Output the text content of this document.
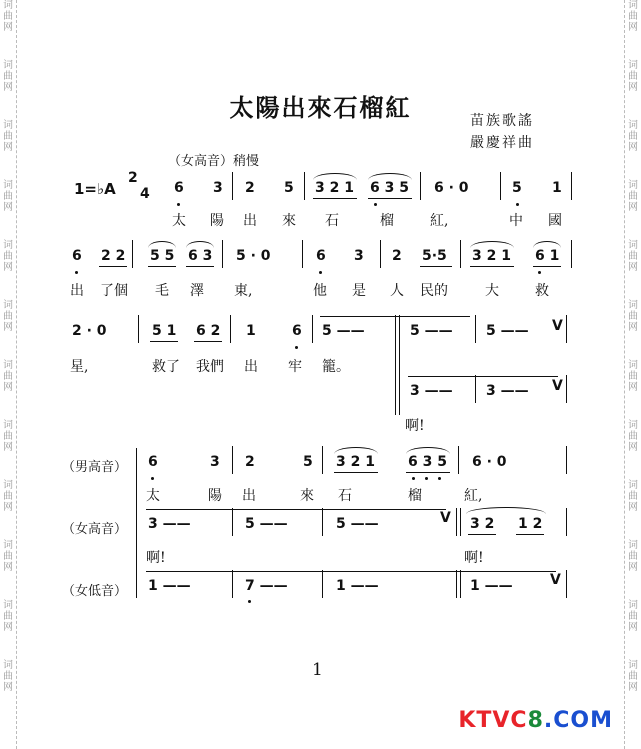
词
曲
网
词
曲
网
词
曲
网
词
曲
网
词
曲
网
词
曲
网
词
曲
网
词
曲
网
词
曲
网
词
曲
网
词
曲
网
词
曲
网
词
曲
网
词
曲
网
词
曲
网
词
曲
网
词
曲
网
词
曲
网
词
曲
网
词
曲
网
词
曲
网
词
曲
网
词
曲
网
词
曲
网
太陽出來石榴紅	苗族歌謠
嚴慶祥曲
（女高音）稍慢
1=♭A
2
4 6 3 2 5 3 2 1 6 3 5 6 · 0	5 1
太 陽 出 來 石	榴	紅,	中 國
6 2 2 5 5 6 3 5 · 0	6 3 2 5·5 3 2 1 6 1
出 了個 毛 澤 東,	他 是 人 民的	大	救
2 · 0	5 1 6 2 1	6 5 ——	5 —— 5 —— V
星,	救了 我們 出 牢 籠。
3 —— 3 —— V
啊!
（男高音） 6	3 2	5 3 2 1 6 3 5 6 · 0
太	陽 出	來 石	榴	紅,
（女高音） 3 ——	5 ——	5 ——	V 3 2 1 2
啊!	啊!
（女低音） 1 ——	7 ——	1 ——	1 ——	V
1
KTVC8.COM
